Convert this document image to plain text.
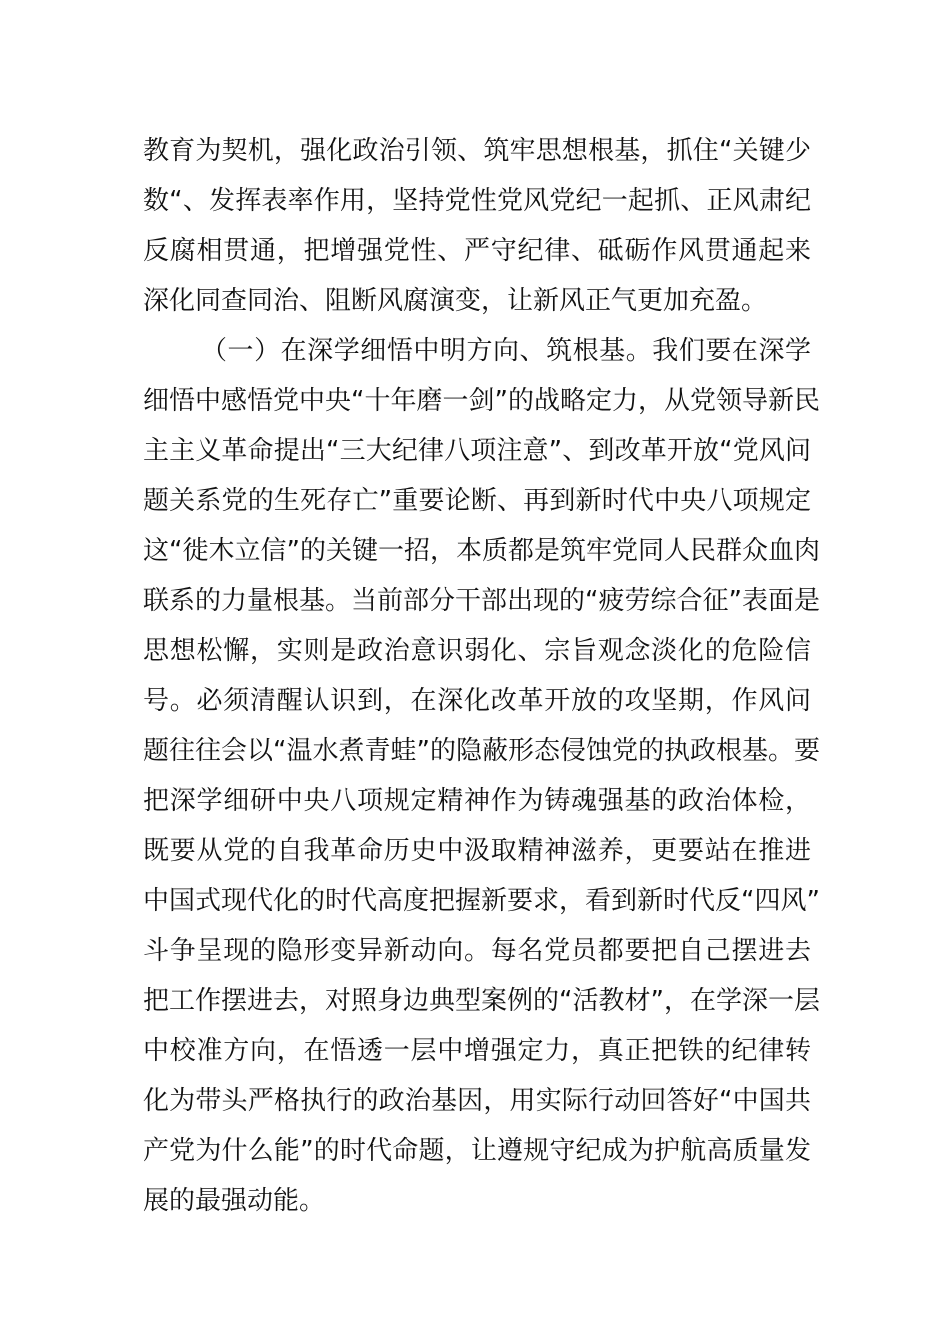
教育为契机，强化政治引领、筑牢思想根基，抓住“关键少
数“、发挥表率作用，坚持党性党风党纪一起抓、正风肃纪
反腐相贯通，把增强党性、严守纪律、砥砺作风贯通起来
深化同查同治、阻断风腐演变，让新风正气更加充盈。
（一）在深学细悟中明方向、筑根基。我们要在深学
细悟中感悟党中央“十年磨一剑”的战略定力，从党领导新民
主主义革命提出“三大纪律八项注意”、到改革开放“党风问
题关系党的生死存亡”重要论断、再到新时代中央八项规定
这“徙木立信”的关键一招，本质都是筑牢党同人民群众血肉
联系的力量根基。当前部分干部出现的“疲劳综合征”表面是
思想松懈，实则是政治意识弱化、宗旨观念淡化的危险信
号。必须清醒认识到，在深化改革开放的攻坚期，作风问
题往往会以“温水煮青蛙”的隐蔽形态侵蚀党的执政根基。要
把深学细研中央八项规定精神作为铸魂强基的政治体检，
既要从党的自我革命历史中汲取精神滋养，更要站在推进
中国式现代化的时代高度把握新要求，看到新时代反“四风”
斗争呈现的隐形变异新动向。每名党员都要把自己摆进去
把工作摆进去，对照身边典型案例的“活教材”，在学深一层
中校准方向，在悟透一层中增强定力，真正把铁的纪律转
化为带头严格执行的政治基因，用实际行动回答好“中国共
产党为什么能”的时代命题，让遵规守纪成为护航高质量发
展的最强动能。
